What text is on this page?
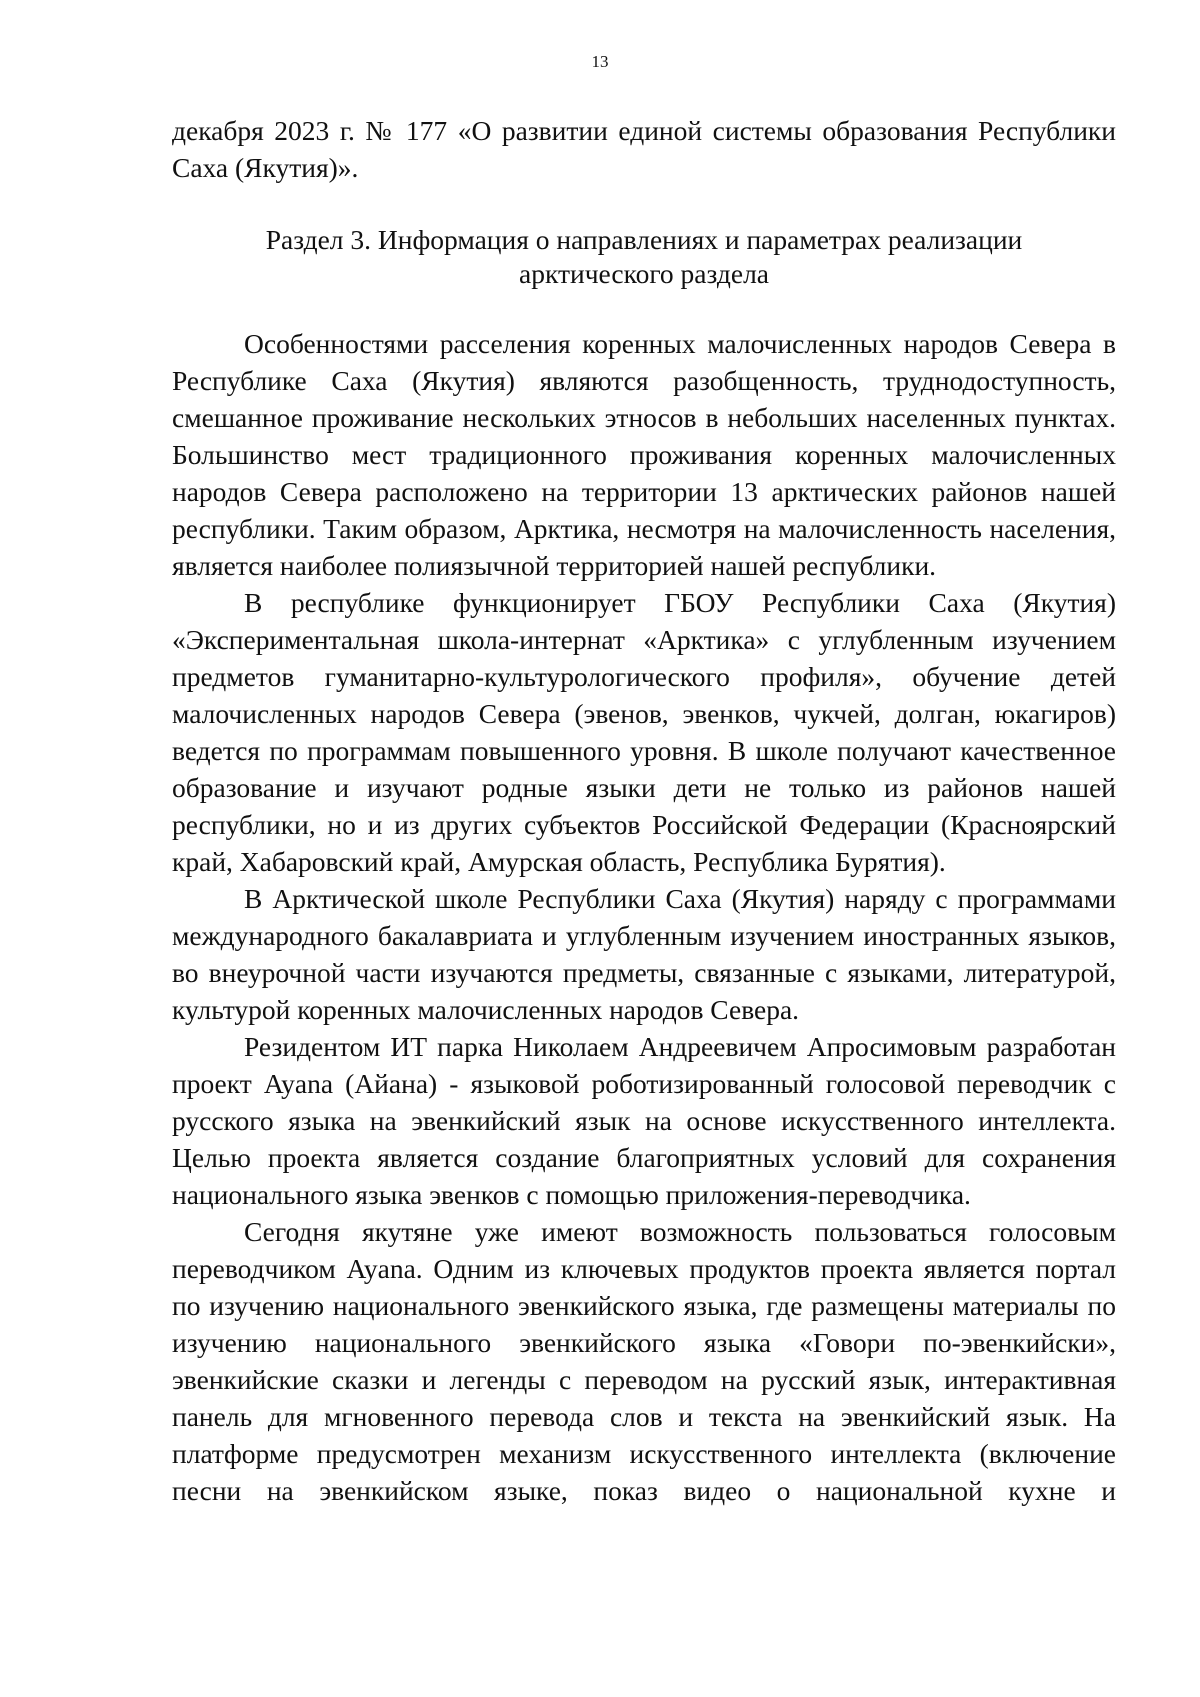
13

декабря 2023 г. № 177 «О развитии единой системы образования Республики Саха (Якутия)».

Раздел 3. Информация о направлениях и параметрах реализации
арктического раздела

Особенностями расселения коренных малочисленных народов Севера в Республике Саха (Якутия) являются разобщенность, труднодоступность, смешанное проживание нескольких этносов в небольших населенных пунктах. Большинство мест традиционного проживания коренных малочисленных народов Севера расположено на территории 13 арктических районов нашей республики. Таким образом, Арктика, несмотря на малочисленность населения, является наиболее полиязычной территорией нашей республики.

В республике функционирует ГБОУ Республики Саха (Якутия) «Экспериментальная школа-интернат «Арктика» с углубленным изучением предметов гуманитарно-культурологического профиля», обучение детей малочисленных народов Севера (эвенов, эвенков, чукчей, долган, юкагиров) ведется по программам повышенного уровня. В школе получают качественное образование и изучают родные языки дети не только из районов нашей республики, но и из других субъектов Российской Федерации (Красноярский край, Хабаровский край, Амурская область, Республика Бурятия).

В Арктической школе Республики Саха (Якутия) наряду с программами международного бакалавриата и углубленным изучением иностранных языков, во внеурочной части изучаются предметы, связанные с языками, литературой, культурой коренных малочисленных народов Севера.

Резидентом ИТ парка Николаем Андреевичем Апросимовым разработан проект Ayana (Айана) - языковой роботизированный голосовой переводчик с русского языка на эвенкийский язык на основе искусственного интеллекта. Целью проекта является создание благоприятных условий для сохранения национального языка эвенков с помощью приложения-переводчика.

Сегодня якутяне уже имеют возможность пользоваться голосовым переводчиком Ayana. Одним из ключевых продуктов проекта является портал по изучению национального эвенкийского языка, где размещены материалы по изучению национального эвенкийского языка «Говори по-эвенкийски», эвенкийские сказки и легенды с переводом на русский язык, интерактивная панель для мгновенного перевода слов и текста на эвенкийский язык. На платформе предусмотрен механизм искусственного интеллекта (включение песни на эвенкийском языке, показ видео о национальной кухне и
